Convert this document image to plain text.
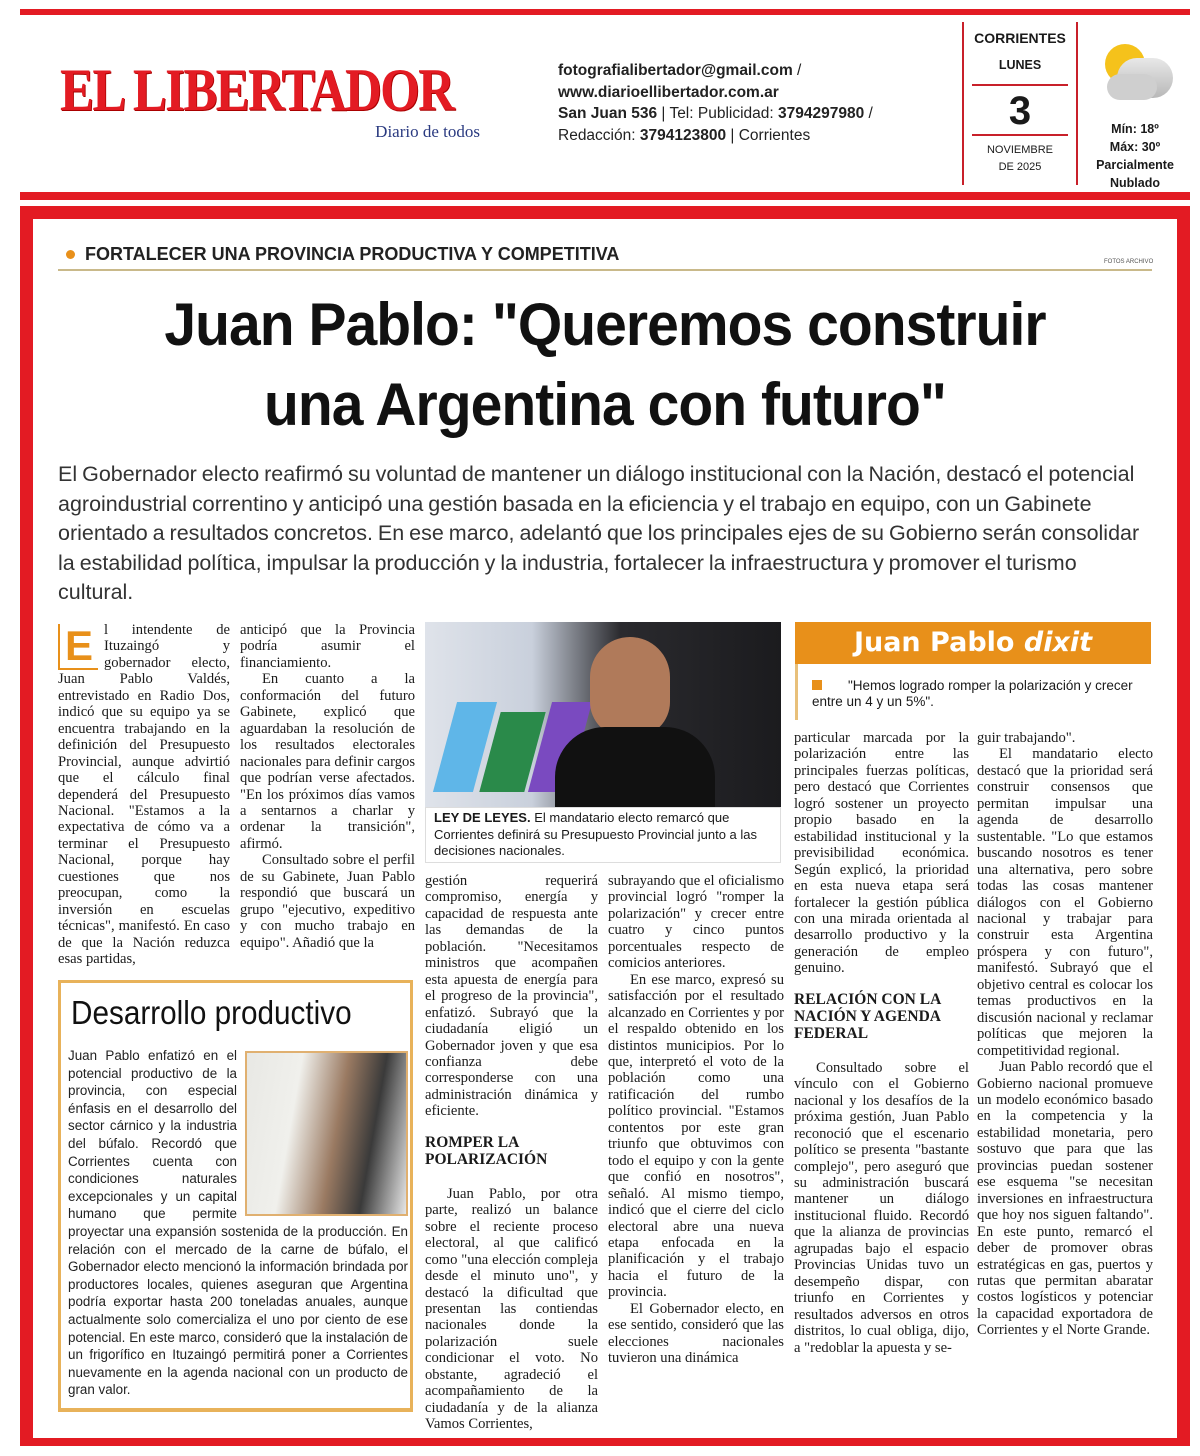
EL LIBERTADOR
Diario de todos
fotografialibertador@gmail.com /
www.diarioellibertador.com.ar
San Juan 536 | Tel: Publicidad: 3794297980 /
Redacción: 3794123800 | Corrientes
CORRIENTES
LUNES
3
NOVIEMBRE
DE 2025
Mín: 18º
Máx: 30º
Parcialmente
Nublado
FORTALECER UNA PROVINCIA PRODUCTIVA Y COMPETITIVA	FOTOS ARCHIVO
Juan Pablo: "Queremos construir
una Argentina con futuro"
El Gobernador electo reafirmó su voluntad de mantener un diálogo institucional con la Nación, destacó el potencial agroindustrial correntino y anticipó una gestión basada en la eficiencia y el trabajo en equipo, con un Gabinete orientado a resultados concretos. En ese marco, adelantó que los principales ejes de su Gobierno serán consolidar la estabilidad política, impulsar la producción y la industria, fortalecer la infraestructura y promover el turismo cultural.
E l intendente de Ituzaingó y gobernador electo, Juan Pablo Valdés, entrevistado en Radio Dos, indicó que su equipo ya se encuentra trabajando en la definición del Presupuesto Provincial, aunque advirtió que el cálculo final dependerá del Presupuesto Nacional. "Estamos a la expectativa de cómo va a terminar el Presupuesto Nacional, porque hay cuestiones que nos preocupan, como la inversión en escuelas técnicas", manifestó. En caso de que la Nación reduzca esas partidas,

anticipó que la Provincia podría asumir el financiamiento.

En cuanto a la conformación del futuro Gabinete, explicó que aguardaban la resolución de los resultados electorales nacionales para definir cargos que podrían verse afectados. "En los próximos días vamos a sentarnos a charlar y ordenar la transición", afirmó.

Consultado sobre el perfil de su Gabinete, Juan Pablo respondió que buscará un grupo "ejecutivo, expeditivo y con mucho trabajo en equipo". Añadió que la

LEY DE LEYES. El mandatario electo remarcó que Corrientes definirá su Presupuesto Provincial junto a las decisiones nacionales.

gestión requerirá compromiso, energía y capacidad de respuesta ante las demandas de la población. "Necesitamos ministros que acompañen esta apuesta de energía para el progreso de la provincia", enfatizó. Subrayó que la ciudadanía eligió un Gobernador joven y que esa confianza debe corresponderse con una administración dinámica y eficiente.

ROMPER LA POLARIZACIÓN

Juan Pablo, por otra parte, realizó un balance sobre el reciente proceso electoral, al que calificó como "una elección compleja desde el minuto uno", y destacó la dificultad que presentan las contiendas nacionales donde la polarización suele condicionar el voto. No obstante, agradeció el acompañamiento de la ciudadanía y de la alianza Vamos Corrientes,

subrayando que el oficialismo provincial logró "romper la polarización" y crecer entre cuatro y cinco puntos porcentuales respecto de comicios anteriores.

En ese marco, expresó su satisfacción por el resultado alcanzado en Corrientes y por el respaldo obtenido en los distintos municipios. Por lo que, interpretó el voto de la población como una ratificación del rumbo político provincial. "Estamos contentos por este gran triunfo que obtuvimos con todo el equipo y con la gente que confió en nosotros", señaló. Al mismo tiempo, indicó que el cierre del ciclo electoral abre una nueva etapa enfocada en la planificación y el trabajo hacia el futuro de la provincia.

El Gobernador electo, en ese sentido, consideró que las elecciones nacionales tuvieron una dinámica

Juan Pablo dixit
"Hemos logrado romper la polarización y crecer entre un 4 y un 5%".

particular marcada por la polarización entre las principales fuerzas políticas, pero destacó que Corrientes logró sostener un proyecto propio basado en la estabilidad institucional y la previsibilidad económica. Según explicó, la prioridad en esta nueva etapa será fortalecer la gestión pública con una mirada orientada al desarrollo productivo y la generación de empleo genuino.

RELACIÓN CON LA NACIÓN Y AGENDA FEDERAL

Consultado sobre el vínculo con el Gobierno nacional y los desafíos de la próxima gestión, Juan Pablo reconoció que el escenario político se presenta "bastante complejo", pero aseguró que su administración buscará mantener un diálogo institucional fluido. Recordó que la alianza de provincias agrupadas bajo el espacio Provincias Unidas tuvo un desempeño dispar, con triunfo en Corrientes y resultados adversos en otros distritos, lo cual obliga, dijo, a "redoblar la apuesta y se-

guir trabajando".

El mandatario electo destacó que la prioridad será construir consensos que permitan impulsar una agenda de desarrollo sustentable. "Lo que estamos buscando nosotros es tener una alternativa, pero sobre todas las cosas mantener diálogos con el Gobierno nacional y trabajar para construir esta Argentina próspera y con futuro", manifestó. Subrayó que el objetivo central es colocar los temas productivos en la discusión nacional y reclamar políticas que mejoren la competitividad regional.

Juan Pablo recordó que el Gobierno nacional promueve un modelo económico basado en la competencia y la estabilidad monetaria, pero sostuvo que para que las provincias puedan sostener ese esquema "se necesitan inversiones en infraestructura que hoy nos siguen faltando". En este punto, remarcó el deber de promover obras estratégicas en gas, puertos y rutas que permitan abaratar costos logísticos y potenciar la capacidad exportadora de Corrientes y el Norte Grande.

Desarrollo productivo
Juan Pablo enfatizó en el potencial productivo de la provincia, con especial énfasis en el desarrollo del sector cárnico y la industria del búfalo. Recordó que Corrientes cuenta con condiciones naturales excepcionales y un capital humano que permite proyectar una expansión sostenida de la producción. En relación con el mercado de la carne de búfalo, el Gobernador electo mencionó la información brindada por productores locales, quienes aseguran que Argentina podría exportar hasta 200 toneladas anuales, aunque actualmente solo comercializa el uno por ciento de ese potencial. En este marco, consideró que la instalación de un frigorífico en Ituzaingó permitirá poner a Corrientes nuevamente en la agenda nacional con un producto de gran valor.
